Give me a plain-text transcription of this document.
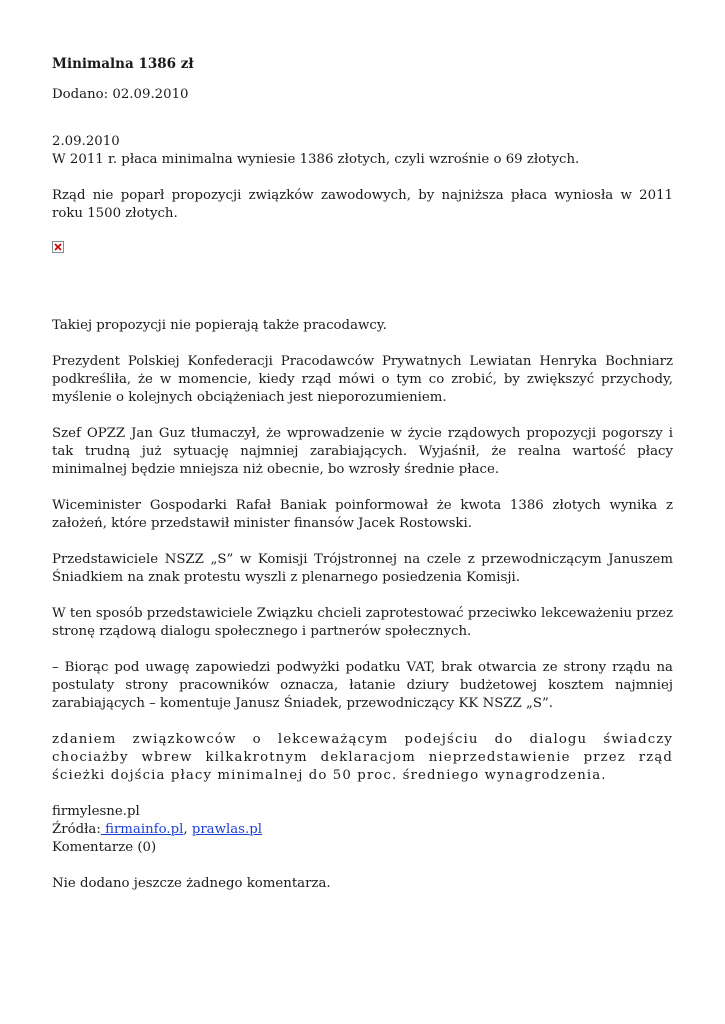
Minimalna 1386 zł
Dodano: 02.09.2010
2.09.2010

W 2011 r. płaca minimalna wyniesie 1386 złotych, czyli wzrośnie o 69 złotych.

Rząd nie poparł propozycji związków zawodowych, by najniższa płaca wyniosła w 2011 roku 1500 złotych.

Takiej propozycji nie popierają także pracodawcy.

Prezydent Polskiej Konfederacji Pracodawców Prywatnych Lewiatan Henryka Bochniarz podkreśliła, że w momencie, kiedy rząd mówi o tym co zrobić, by zwiększyć przychody, myślenie o kolejnych obciążeniach jest nieporozumieniem.

Szef OPZZ Jan Guz tłumaczył, że wprowadzenie w życie rządowych propozycji pogorszy i tak trudną już sytuację najmniej zarabiających. Wyjaśnił, że realna wartość płacy minimalnej będzie mniejsza niż obecnie, bo wzrosły średnie płace.

Wiceminister Gospodarki Rafał Baniak poinformował że kwota 1386 złotych wynika z założeń, które przedstawił minister finansów Jacek Rostowski.

Przedstawiciele NSZZ „S” w Komisji Trójstronnej na czele z przewodniczącym Januszem Śniadkiem na znak protestu wyszli z plenarnego posiedzenia Komisji.

W ten sposób przedstawiciele Związku chcieli zaprotestować przeciwko lekceważeniu przez stronę rządową dialogu społecznego i partnerów społecznych.

– Biorąc pod uwagę zapowiedzi podwyżki podatku VAT, brak otwarcia ze strony rządu na postulaty strony pracowników oznacza, łatanie dziury budżetowej kosztem najmniej zarabiających – komentuje Janusz Śniadek, przewodniczący KK NSZZ „S”.

zdaniem związkowców o lekceważącym podejściu do dialogu świadczy chociażby wbrew kilkakrotnym deklaracjom nieprzedstawienie przez rząd ścieżki dojścia płacy minimalnej do 50 proc. średniego wynagrodzenia.

firmylesne.pl
Źródła: firmainfo.pl, prawlas.pl
Komentarze (0)
Nie dodano jeszcze żadnego komentarza.
